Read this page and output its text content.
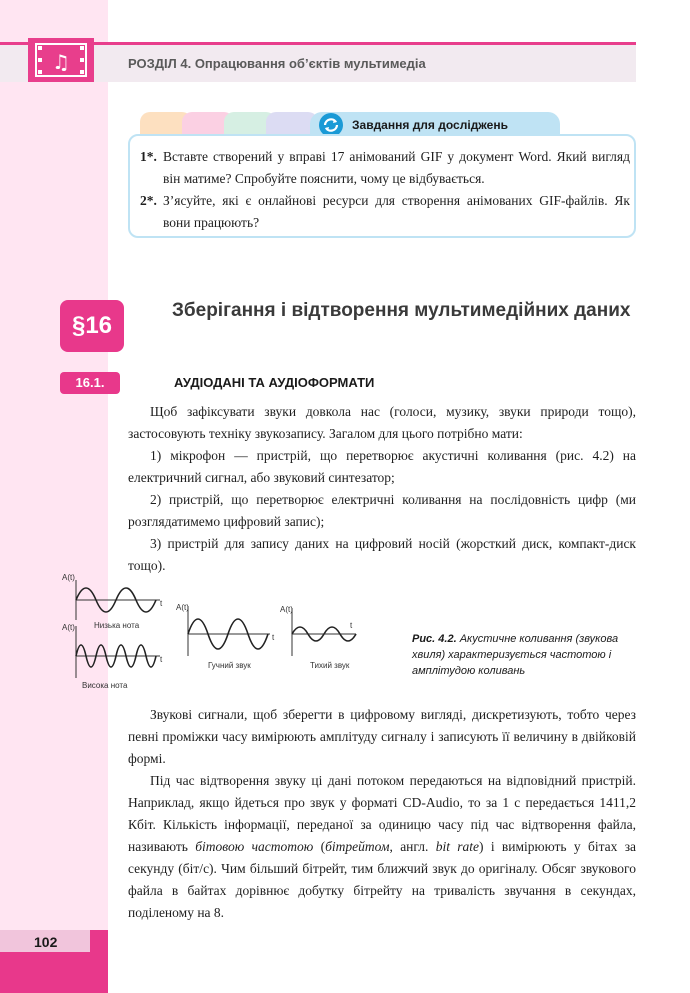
♫	РОЗДІЛ 4. Опрацювання об’єктів мультимедіа
Завдання для досліджень
1*. Вставте створений у вправі 17 анімований GIF у документ Word. Який вигляд він матиме? Спробуйте пояснити, чому це відбувається.
2*. З’ясуйте, які є онлайнові ресурси для створення анімованих GIF-файлів. Як вони працюють?
§16
Зберігання і відтворення мультимедійних даних
16.1.	АУДІОДАНІ ТА АУДІОФОРМАТИ

Щоб зафіксувати звуки довкола нас (голоси, музику, звуки природи тощо), застосовують техніку звукозапису. Загалом для цього потрібно мати:

1) мікрофон — пристрій, що перетворює акустичні коливання (рис. 4.2) на електричний сигнал, або звуковий синтезатор;

2) пристрій, що перетворює електричні коливання на послідовність цифр (ми розглядатимемо цифровий запис);

3) пристрій для запису даних на цифровий носій (жорсткий диск, компакт-диск тощо).

A(t)
t
Низька нота
A(t)
t
Висока нота
A(t)
t
Гучний звук
A(t)
t
Тихий звук
Рис. 4.2. Акустичне коливання (звукова хвиля) характеризується частотою і амплітудою коливань

Звукові сигнали, щоб зберегти в цифровому вигляді, дискретизують, тобто через певні проміжки часу вимірюють амплітуду сигналу і записують її величину в двійковій формі.

Під час відтворення звуку ці дані потоком передаються на відповідний пристрій. Наприклад, якщо йдеться про звук у форматі CD-Audio, то за 1 с передається 1411,2 Кбіт. Кількість інформації, переданої за одиницю часу під час відтворення файла, називають бітовою частотою (бітрейтом, англ. bit rate) і вимірюють у бітах за секунду (біт/с). Чим більший бітрейт, тим ближчий звук до оригіналу. Обсяг звукового файла в байтах дорівнює добутку бітрейту на тривалість звучання в секундах, поділеному на 8.

102
